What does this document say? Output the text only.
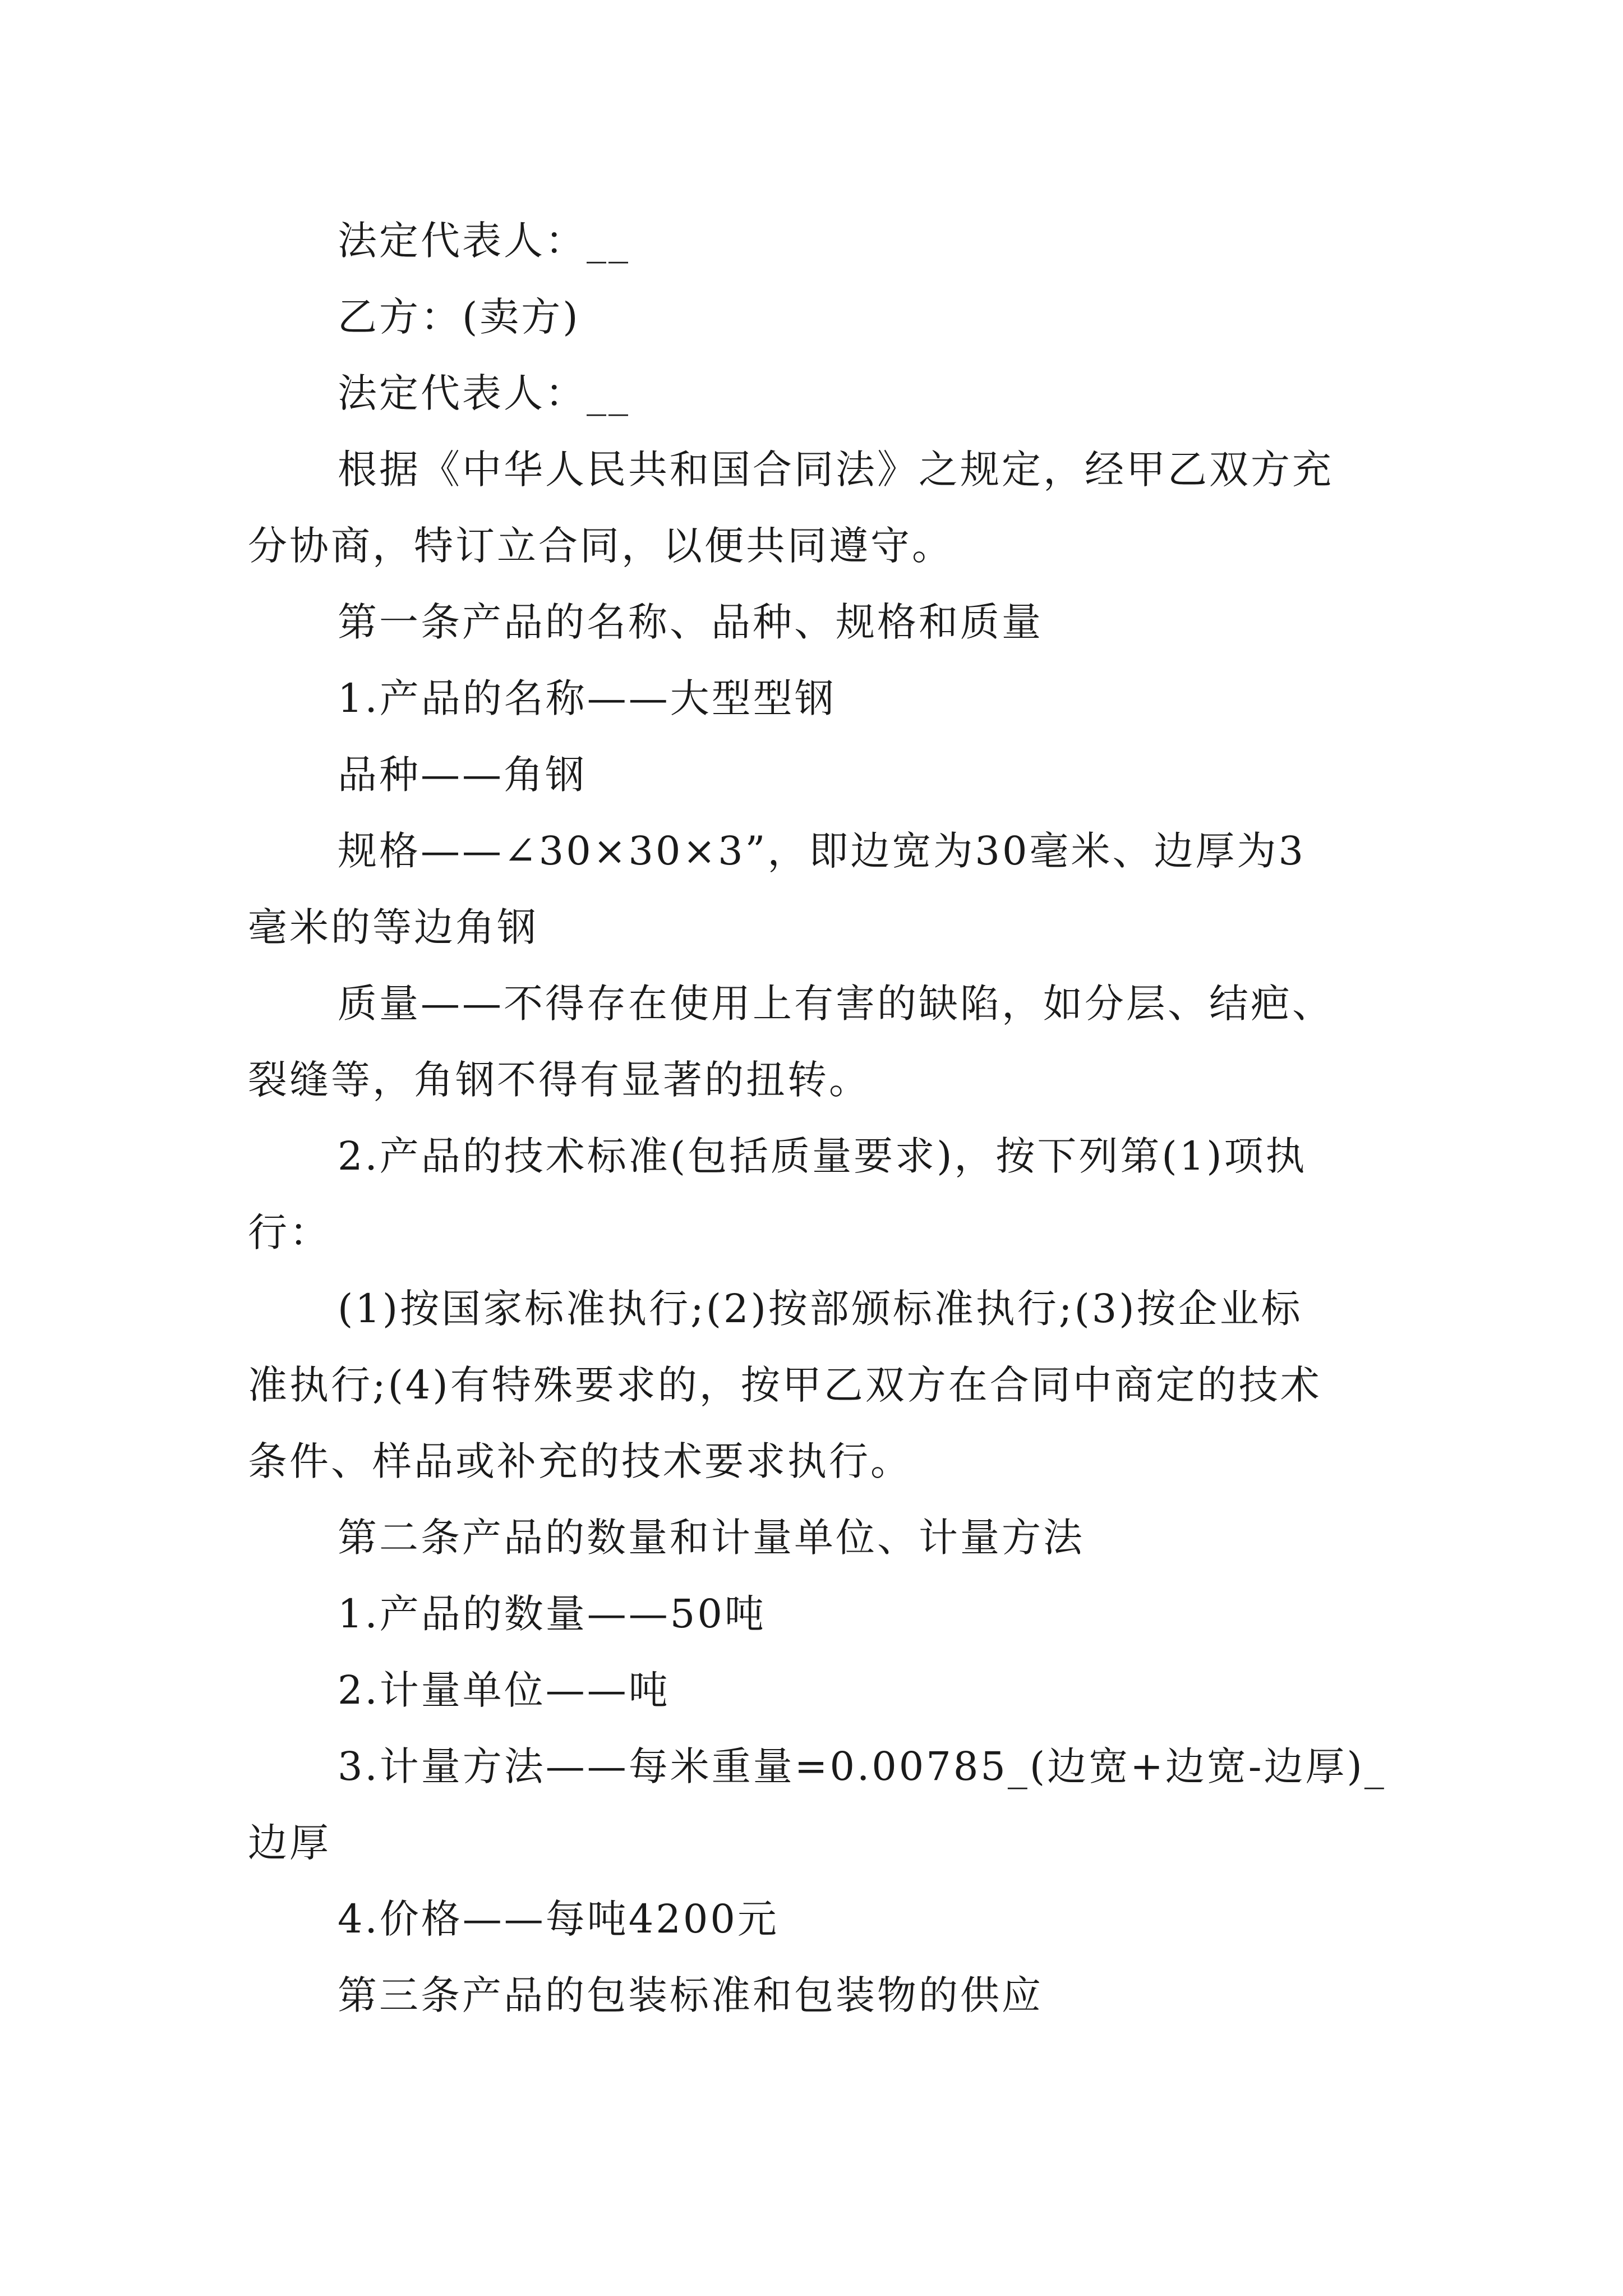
法定代表人：__

乙方：(卖方)

法定代表人：__

根据《中华人民共和国合同法》之规定，经甲乙双方充

分协商，特订立合同，以便共同遵守。

第一条产品的名称、品种、规格和质量

1.产品的名称——大型型钢

品种——角钢

规格——∠30×30×3”，即边宽为30毫米、边厚为3

毫米的等边角钢

质量——不得存在使用上有害的缺陷，如分层、结疤、

裂缝等，角钢不得有显著的扭转。

2.产品的技术标准(包括质量要求)，按下列第(1)项执

行：

(1)按国家标准执行;(2)按部颁标准执行;(3)按企业标

准执行;(4)有特殊要求的，按甲乙双方在合同中商定的技术

条件、样品或补充的技术要求执行。

第二条产品的数量和计量单位、计量方法

1.产品的数量——50吨

2.计量单位——吨

3.计量方法——每米重量=0.00785_(边宽+边宽-边厚)_

边厚

4.价格——每吨4200元

第三条产品的包装标准和包装物的供应
